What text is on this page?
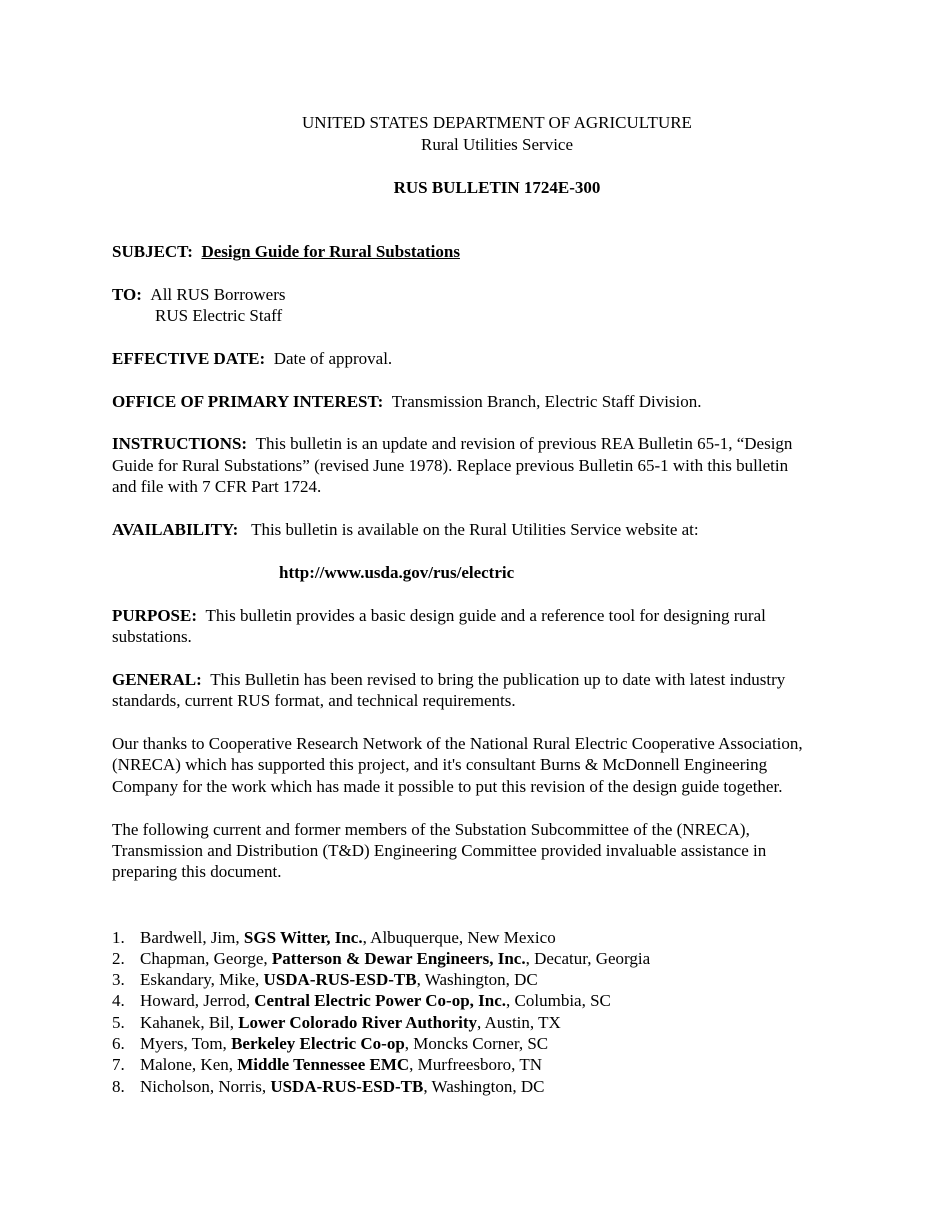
UNITED STATES DEPARTMENT OF AGRICULTURE
Rural Utilities Service
RUS BULLETIN 1724E-300
SUBJECT: Design Guide for Rural Substations
TO: All RUS Borrowers
RUS Electric Staff
EFFECTIVE DATE: Date of approval.
OFFICE OF PRIMARY INTEREST: Transmission Branch, Electric Staff Division.
INSTRUCTIONS: This bulletin is an update and revision of previous REA Bulletin 65-1, “Design
Guide for Rural Substations” (revised June 1978). Replace previous Bulletin 65-1 with this bulletin
and file with 7 CFR Part 1724.
AVAILABILITY: This bulletin is available on the Rural Utilities Service website at:
http://www.usda.gov/rus/electric
PURPOSE: This bulletin provides a basic design guide and a reference tool for designing rural
substations.
GENERAL: This Bulletin has been revised to bring the publication up to date with latest industry
standards, current RUS format, and technical requirements.
Our thanks to Cooperative Research Network of the National Rural Electric Cooperative Association,
(NRECA) which has supported this project, and it's consultant Burns & McDonnell Engineering
Company for the work which has made it possible to put this revision of the design guide together.
The following current and former members of the Substation Subcommittee of the (NRECA),
Transmission and Distribution (T&D) Engineering Committee provided invaluable assistance in
preparing this document.
1. Bardwell, Jim, SGS Witter, Inc., Albuquerque, New Mexico
2. Chapman, George, Patterson & Dewar Engineers, Inc., Decatur, Georgia
3. Eskandary, Mike, USDA-RUS-ESD-TB, Washington, DC
4. Howard, Jerrod, Central Electric Power Co-op, Inc., Columbia, SC
5. Kahanek, Bil, Lower Colorado River Authority, Austin, TX
6. Myers, Tom, Berkeley Electric Co-op, Moncks Corner, SC
7. Malone, Ken, Middle Tennessee EMC, Murfreesboro, TN
8. Nicholson, Norris, USDA-RUS-ESD-TB, Washington, DC
